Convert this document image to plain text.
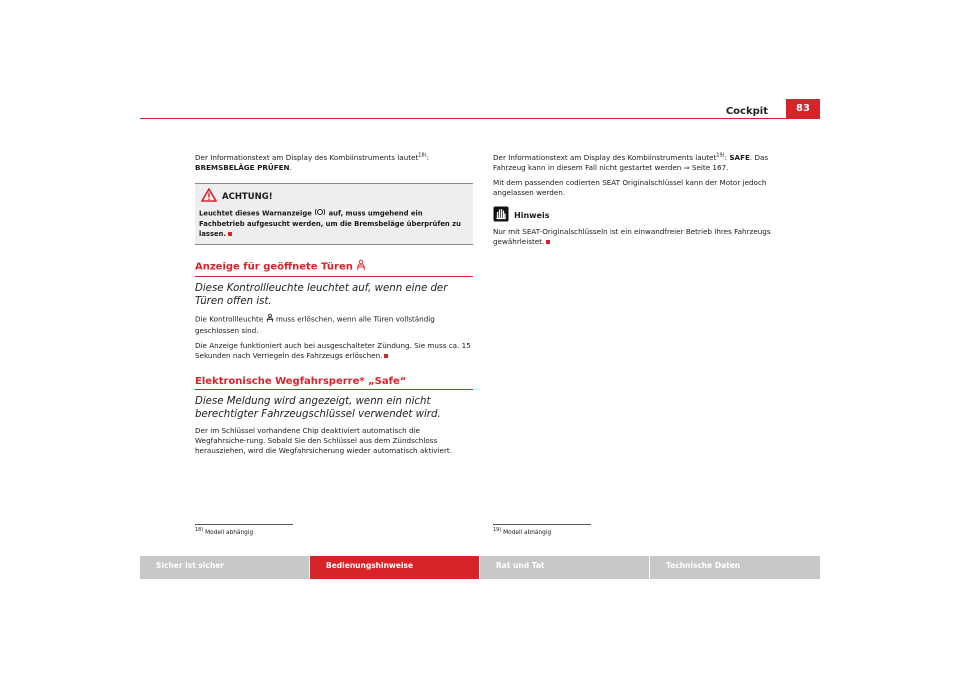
Cockpit	83

Der Informationstext am Display des Kombiinstruments lautet$^{18)}$:
BREMSBELÄGE PRÜFEN.

ACHTUNG!
Leuchtet dieses Warnanzeige  auf, muss umgehend ein Fachbetrieb aufgesucht werden, um die Bremsbeläge überprüfen zu lassen.
Anzeige für geöffnete Türen

Diese Kontrollleuchte leuchtet auf, wenn eine der Türen offen ist.

Die Kontrollleuchte  muss erlöschen, wenn alle Türen vollständig geschlossen sind.

Die Anzeige funktioniert auch bei ausgeschalteter Zündung. Sie muss ca. 15 Sekunden nach Verriegeln des Fahrzeugs erlöschen.

Elektronische Wegfahrsperre* „Safe“

Diese Meldung wird angezeigt, wenn ein nicht berechtigter Fahrzeugschlüssel verwendet wird.

Der im Schlüssel vorhandene Chip deaktiviert automatisch die Wegfahrsiche-rung. Sobald Sie den Schlüssel aus dem Zündschloss herausziehen, wird die Wegfahrsicherung wieder automatisch aktiviert.

$^{18)}$ Modell abhängig

Der Informationstext am Display des Kombiinstruments lautet$^{19)}$: SAFE. Das Fahrzeug kann in diesem Fall nicht gestartet werden ⇒ Seite 167.

Mit dem passenden codierten SEAT Originalschlüssel kann der Motor jedoch angelassen werden.

Hinweis

Nur mit SEAT-Originalschlüsseln ist ein einwandfreier Betrieb Ihres Fahrzeugs gewährleistet.

$^{19)}$ Modell abhängig
Sicher ist sicher	Bedienungshinweise	Rat und Tat	Technische Daten
